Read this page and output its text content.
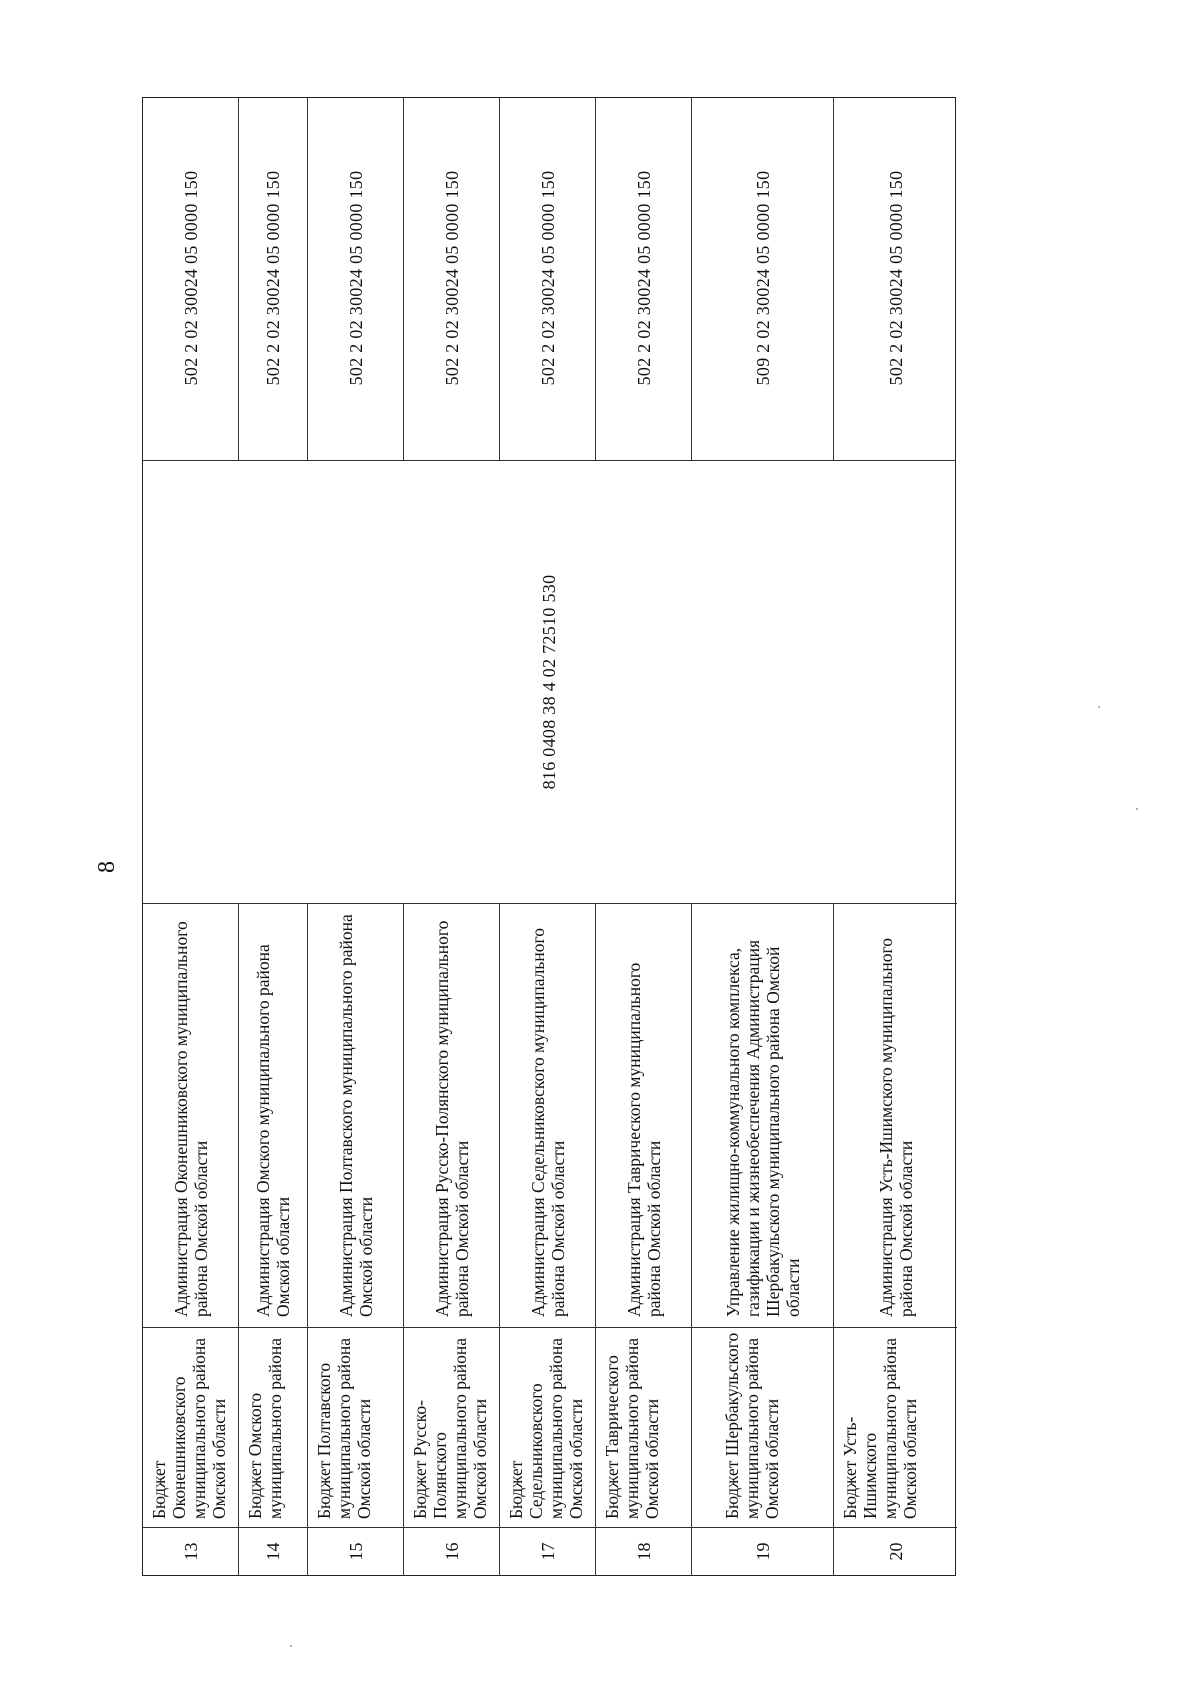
8
13
Бюджет Оконешниковского муниципального района Омской области
Администрация Оконешниковского муниципального района Омской области
502 2 02 30024 05 0000 150
14
Бюджет Омского муниципального района
Администрация Омского муниципального района Омской области
502 2 02 30024 05 0000 150
15
Бюджет Полтавского муниципального района Омской области
Администрация Полтавского муниципального района Омской области
502 2 02 30024 05 0000 150
16
Бюджет Русско-Полянского муниципального района Омской области
Администрация Русско-Полянского муниципального района Омской области
502 2 02 30024 05 0000 150
17
Бюджет Седельниковского муниципального района Омской области
Администрация Седельниковского муниципального района Омской области
502 2 02 30024 05 0000 150
18
Бюджет Таврического муниципального района Омской области
Администрация Таврического муниципального района Омской области
502 2 02 30024 05 0000 150
19
Бюджет Шербакульского муниципального района Омской области
Управление жилищно-коммунального комплекса, газификации и жизнеобеспечения Администрация Шербакульского муниципального района Омской области
509 2 02 30024 05 0000 150
20
Бюджет Усть-Ишимского муниципального района Омской области
Администрация Усть-Ишимского муниципального района Омской области
502 2 02 30024 05 0000 150
816 0408 38 4 02 72510 530
